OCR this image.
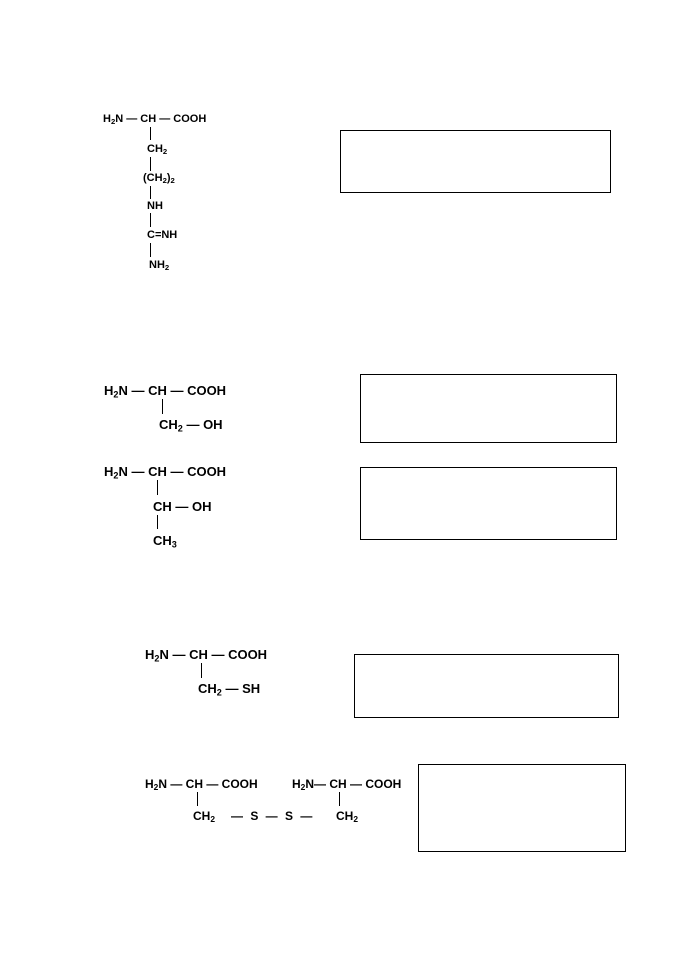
$H_2N$ — CH — COOH
$CH_2$
$(CH_2)_2$
NH
C=NH
$NH_2$
$H_2N$ — CH — COOH
$CH_2$ — OH
$H_2N$ — CH — COOH
CH — OH
$CH_3$
$H_2N$ — CH — COOH
$CH_2$ — SH
$H_2N$ — CH — COOH	$H_2N—$ CH — COOH
$CH_2$ — S — S — $CH_2$
